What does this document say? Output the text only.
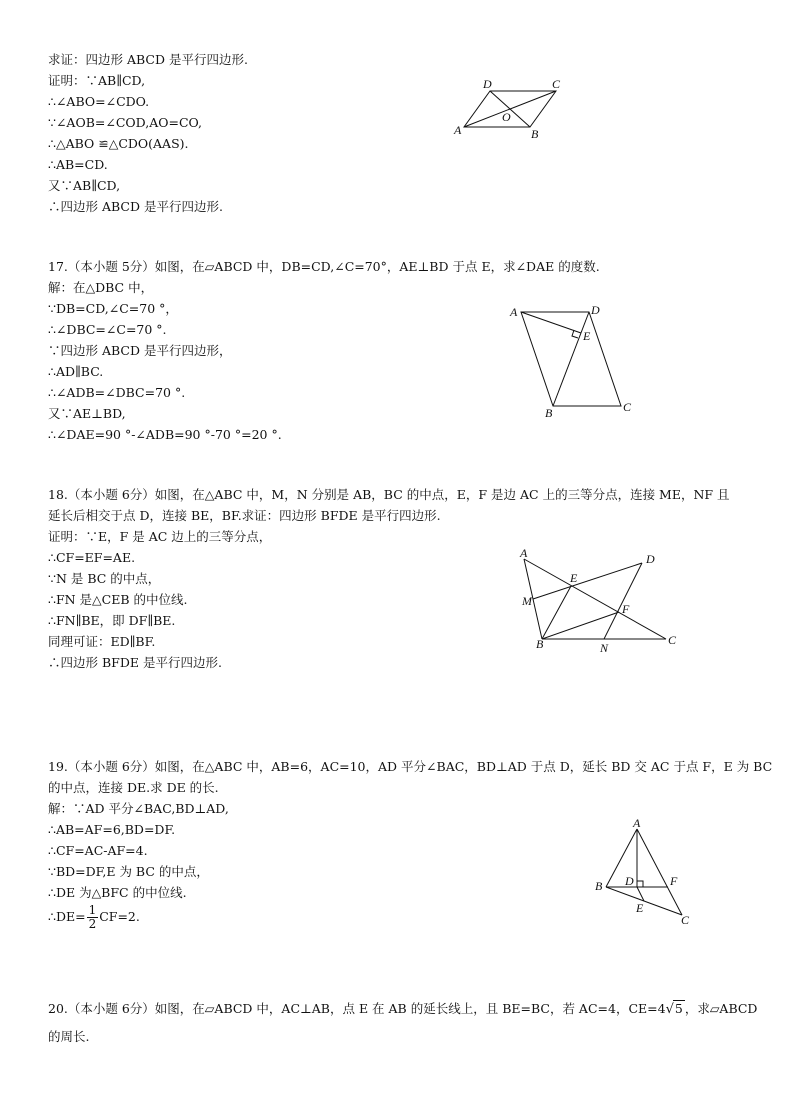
求证：四边形 ABCD 是平行四边形.
证明：∵AB∥CD,
∴∠ABO=∠CDO.
∵∠AOB=∠COD,AO=CO,
∴△ABO ≌△CDO(AAS).
∴AB=CD.
又∵AB∥CD,
∴四边形 ABCD 是平行四边形.
A	B
C
D
O
17.（本小题 5分）如图，在▱ABCD 中，DB=CD,∠C=70°，AE⊥BD 于点 E，求∠DAE 的度数.
解：在△DBC 中，
∵DB=CD,∠C=70 °，
∴∠DBC=∠C=70 °.
∵四边形 ABCD 是平行四边形，
∴AD∥BC.
∴∠ADB=∠DBC=70 °.
又∵AE⊥BD,
∴∠DAE=90 °-∠ADB=90 °-70 °=20 °.
A	D
E
B	C
18.（本小题 6分）如图，在△ABC 中，M，N 分别是 AB，BC 的中点，E，F 是边 AC 上的三等分点，连接 ME，NF 且
延长后相交于点 D，连接 BE，BF.求证：四边形 BFDE 是平行四边形.
证明：∵E，F 是 AC 边上的三等分点，
∴CF=EF=AE.
∵N 是 BC 的中点，
∴FN 是△CEB 的中位线.
∴FN∥BE，即 DF∥BE.
同理可证：ED∥BF.
∴四边形 BFDE 是平行四边形.
A	D
E
F
M
B	N
C
19.（本小题 6分）如图，在△ABC 中，AB=6，AC=10，AD 平分∠BAC，BD⊥AD 于点 D，延长 BD 交 AC 于点 F，E 为 BC
的中点，连接 DE.求 DE 的长.
解：∵AD 平分∠BAC,BD⊥AD,
∴AB=AF=6,BD=DF.
∴CF=AC-AF=4.
∵BD=DF,E 为 BC 的中点，
∴DE 为△BFC 的中位线.
∴DE= $\frac{1}{2} CF=2$.
A
B D	F
E
C
20.（本小题 6分）如图，在▱ABCD 中，AC⊥AB，点 E 在 AB 的延长线上，且 BE=BC，若 AC=4，CE=4√5 ，求▱ABCD
的周长.
